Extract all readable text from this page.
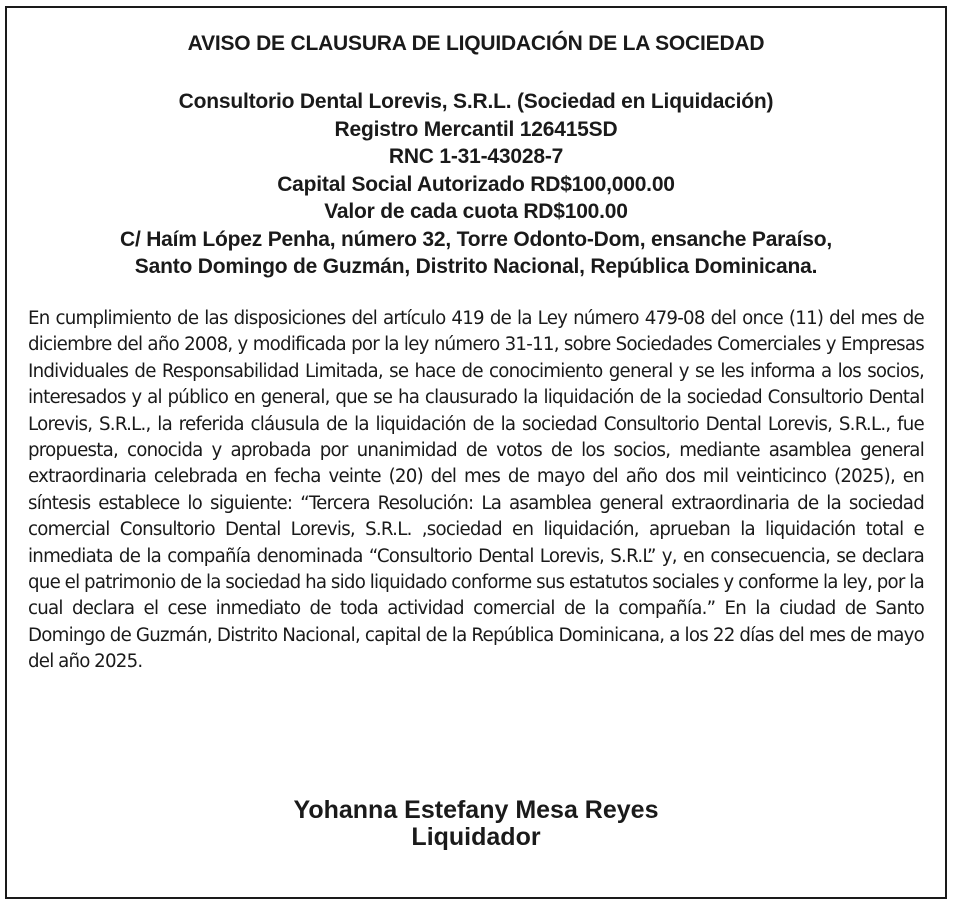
AVISO DE CLAUSURA DE LIQUIDACIÓN DE LA SOCIEDAD
Consultorio Dental Lorevis, S.R.L. (Sociedad en Liquidación)
Registro Mercantil 126415SD
RNC 1-31-43028-7
Capital Social Autorizado RD$100,000.00
Valor de cada cuota RD$100.00
C/ Haím López Penha, número 32, Torre Odonto-Dom, ensanche Paraíso,
Santo Domingo de Guzmán, Distrito Nacional, República Dominicana.

En cumplimiento de las disposiciones del artículo 419 de la Ley número 479-08 del once (11) del mes de diciembre del año 2008, y modificada por la ley número 31-11, sobre Sociedades Comerciales y Empresas Individuales de Responsabilidad Limitada, se hace de conocimiento general y se les informa a los socios, interesados y al público en general, que se ha clausurado la liquidación de la sociedad Consultorio Dental Lorevis, S.R.L., la referida cláusula de la liquidación de la sociedad Consultorio Dental Lorevis, S.R.L., fue propuesta, conocida y aprobada por unanimidad de votos de los socios, mediante asamblea general extraordinaria celebrada en fecha veinte (20) del mes de mayo del año dos mil veinticinco (2025), en síntesis establece lo siguiente: “Tercera Resolución: La asamblea general extraordinaria de la sociedad comercial Consultorio Dental Lorevis, S.R.L. ,sociedad en liquidación, aprueban la liquidación total e inmediata de la compañía denominada “Consultorio Dental Lorevis, S.R.L” y, en consecuencia, se declara que el patrimonio de la sociedad ha sido liquidado conforme sus estatutos sociales y conforme la ley, por la cual declara el cese inmediato de toda actividad comercial de la compañía.” En la ciudad de Santo Domingo de Guzmán, Distrito Nacional, capital de la República Dominicana, a los 22 días del mes de mayo del año 2025.

Yohanna Estefany Mesa Reyes
Liquidador
